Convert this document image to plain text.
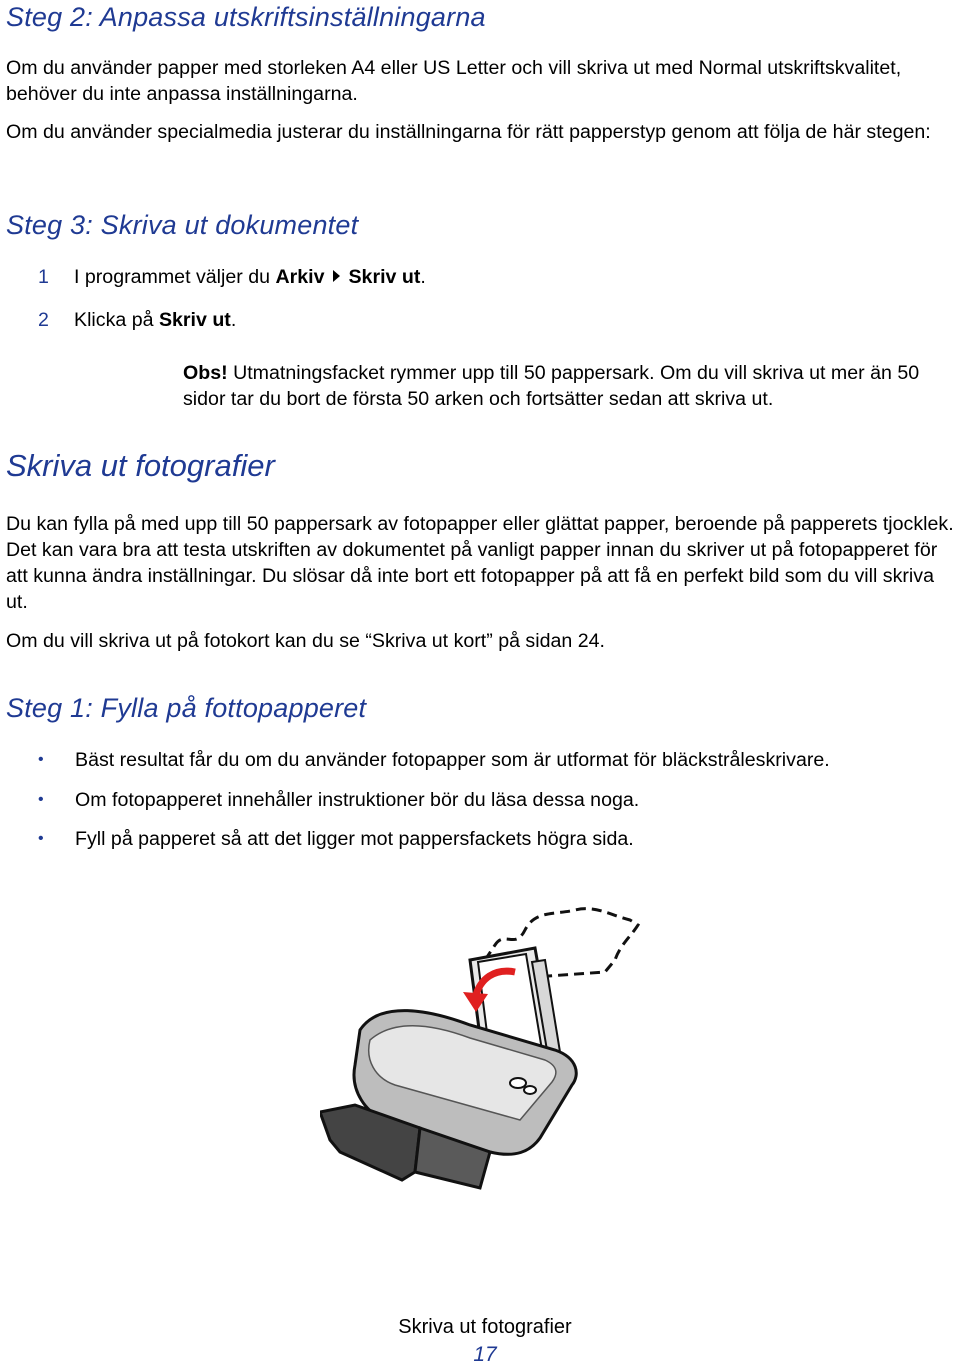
Steg 2: Anpassa utskriftsinställningarna

Om du använder papper med storleken A4 eller US Letter och vill skriva ut med Normal utskriftskvalitet, behöver du inte anpassa inställningarna.

Om du använder specialmedia justerar du inställningarna för rätt papperstyp genom att följa de här stegen:

Steg 3: Skriva ut dokumentet

1 I programmet väljer du Arkiv Skriv ut.

2 Klicka på Skriv ut.

Obs! Utmatningsfacket rymmer upp till 50 pappersark. Om du vill skriva ut mer än 50 sidor tar du bort de första 50 arken och fortsätter sedan att skriva ut.

Skriva ut fotografier

Du kan fylla på med upp till 50 pappersark av fotopapper eller glättat papper, beroende på papperets tjocklek. Det kan vara bra att testa utskriften av dokumentet på vanligt papper innan du skriver ut på fotopapperet för att kunna ändra inställningar. Du slösar då inte bort ett fotopapper på att få en perfekt bild som du vill skriva ut.

Om du vill skriva ut på fotokort kan du se “Skriva ut kort” på sidan 24.

Steg 1: Fylla på fottopapperet

• Bäst resultat får du om du använder fotopapper som är utformat för bläckstråleskrivare.

• Om fotopapperet innehåller instruktioner bör du läsa dessa noga.

• Fyll på papperet så att det ligger mot pappersfackets högra sida.

Skriva ut fotografier
17
